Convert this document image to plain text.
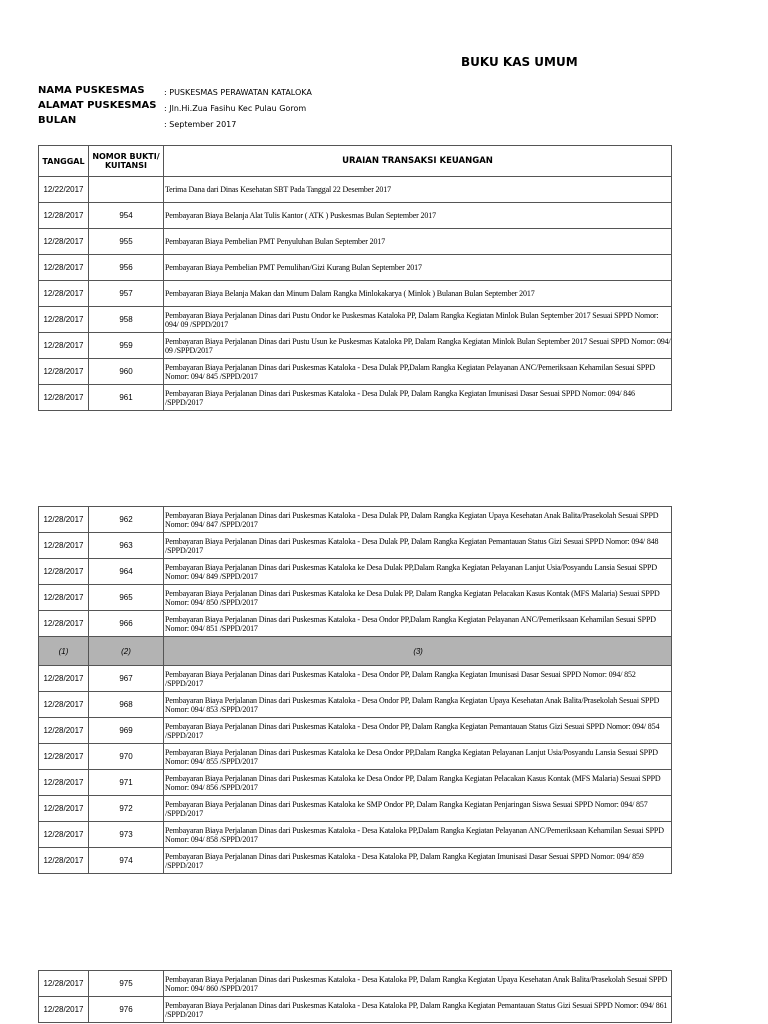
BUKU KAS UMUM
NAMA PUSKESMAS	: PUSKESMAS PERAWATAN KATALOKA
ALAMAT PUSKESMAS : Jln.Hi.Zua Fasihu Kec Pulau Gorom
BULAN	: September 2017
TANGGAL	NOMOR BUKTI/ KUITANSI	URAIAN TRANSAKSI KEUANGAN
12/22/2017		Terima Dana dari Dinas Kesehatan SBT Pada Tanggal 22 Desember 2017
12/28/2017	954	Pembayaran Biaya Belanja Alat Tulis Kantor ( ATK ) Puskesmas Bulan September 2017
12/28/2017	955	Pembayaran Biaya Pembelian PMT Penyuluhan Bulan September 2017
12/28/2017	956	Pembayaran Biaya Pembelian PMT Pemulihan/Gizi Kurang Bulan September 2017
12/28/2017	957	Pembayaran Biaya Belanja Makan dan Minum Dalam Rangka Minlokakarya ( Minlok ) Bulanan Bulan September 2017
12/28/2017	958	Pembayaran Biaya Perjalanan Dinas dari Pustu Ondor ke Puskesmas Kataloka PP, Dalam Rangka Kegiatan Minlok Bulan September 2017 Sesuai SPPD Nomor: 094/ 09 /SPPD/2017
12/28/2017	959	Pembayaran Biaya Perjalanan Dinas dari Pustu Usun ke Puskesmas Kataloka PP, Dalam Rangka Kegiatan Minlok Bulan September 2017 Sesuai SPPD Nomor: 094/ 09 /SPPD/2017
12/28/2017	960	Pembayaran Biaya Perjalanan Dinas dari Puskesmas Kataloka - Desa Dulak PP,Dalam Rangka Kegiatan Pelayanan ANC/Pemeriksaan Kehamilan Sesuai SPPD Nomor: 094/ 845 /SPPD/2017
12/28/2017	961	Pembayaran Biaya Perjalanan Dinas dari Puskesmas Kataloka - Desa Dulak PP, Dalam Rangka Kegiatan Imunisasi Dasar Sesuai SPPD Nomor: 094/ 846 /SPPD/2017
12/28/2017	962	Pembayaran Biaya Perjalanan Dinas dari Puskesmas Kataloka - Desa Dulak PP, Dalam Rangka Kegiatan Upaya Kesehatan Anak Balita/Prasekolah Sesuai SPPD Nomor: 094/ 847 /SPPD/2017
12/28/2017	963	Pembayaran Biaya Perjalanan Dinas dari Puskesmas Kataloka - Desa Dulak PP, Dalam Rangka Kegiatan Pemantauan Status Gizi Sesuai SPPD Nomor: 094/ 848 /SPPD/2017
12/28/2017	964	Pembayaran Biaya Perjalanan Dinas dari Puskesmas Kataloka ke Desa Dulak PP,Dalam Rangka Kegiatan Pelayanan Lanjut Usia/Posyandu Lansia Sesuai SPPD Nomor: 094/ 849 /SPPD/2017
12/28/2017	965	Pembayaran Biaya Perjalanan Dinas dari Puskesmas Kataloka ke Desa Dulak PP, Dalam Rangka Kegiatan Pelacakan Kasus Kontak (MFS Malaria) Sesuai SPPD Nomor: 094/ 850 /SPPD/2017
12/28/2017	966	Pembayaran Biaya Perjalanan Dinas dari Puskesmas Kataloka - Desa Ondor PP,Dalam Rangka Kegiatan Pelayanan ANC/Pemeriksaan Kehamilan Sesuai SPPD Nomor: 094/ 851 /SPPD/2017
(1)	(2)	(3)
12/28/2017	967	Pembayaran Biaya Perjalanan Dinas dari Puskesmas Kataloka - Desa Ondor PP, Dalam Rangka Kegiatan Imunisasi Dasar Sesuai SPPD Nomor: 094/ 852 /SPPD/2017
12/28/2017	968	Pembayaran Biaya Perjalanan Dinas dari Puskesmas Kataloka - Desa Ondor PP, Dalam Rangka Kegiatan Upaya Kesehatan Anak Balita/Prasekolah Sesuai SPPD Nomor: 094/ 853 /SPPD/2017
12/28/2017	969	Pembayaran Biaya Perjalanan Dinas dari Puskesmas Kataloka - Desa Ondor PP, Dalam Rangka Kegiatan Pemantauan Status Gizi Sesuai SPPD Nomor: 094/ 854 /SPPD/2017
12/28/2017	970	Pembayaran Biaya Perjalanan Dinas dari Puskesmas Kataloka ke Desa Ondor PP,Dalam Rangka Kegiatan Pelayanan Lanjut Usia/Posyandu Lansia Sesuai SPPD Nomor: 094/ 855 /SPPD/2017
12/28/2017	971	Pembayaran Biaya Perjalanan Dinas dari Puskesmas Kataloka ke Desa Ondor PP, Dalam Rangka Kegiatan Pelacakan Kasus Kontak (MFS Malaria) Sesuai SPPD Nomor: 094/ 856 /SPPD/2017
12/28/2017	972	Pembayaran Biaya Perjalanan Dinas dari Puskesmas Kataloka ke SMP Ondor PP, Dalam Rangka Kegiatan Penjaringan Siswa Sesuai SPPD Nomor: 094/ 857 /SPPD/2017
12/28/2017	973	Pembayaran Biaya Perjalanan Dinas dari Puskesmas Kataloka - Desa Kataloka PP,Dalam Rangka Kegiatan Pelayanan ANC/Pemeriksaan Kehamilan Sesuai SPPD Nomor: 094/ 858 /SPPD/2017
12/28/2017	974	Pembayaran Biaya Perjalanan Dinas dari Puskesmas Kataloka - Desa Kataloka PP, Dalam Rangka Kegiatan Imunisasi Dasar Sesuai SPPD Nomor: 094/ 859 /SPPD/2017
12/28/2017	975	Pembayaran Biaya Perjalanan Dinas dari Puskesmas Kataloka - Desa Kataloka PP, Dalam Rangka Kegiatan Upaya Kesehatan Anak Balita/Prasekolah Sesuai SPPD Nomor: 094/ 860 /SPPD/2017
12/28/2017	976	Pembayaran Biaya Perjalanan Dinas dari Puskesmas Kataloka - Desa Kataloka PP, Dalam Rangka Kegiatan Pemantauan Status Gizi Sesuai SPPD Nomor: 094/ 861 /SPPD/2017
